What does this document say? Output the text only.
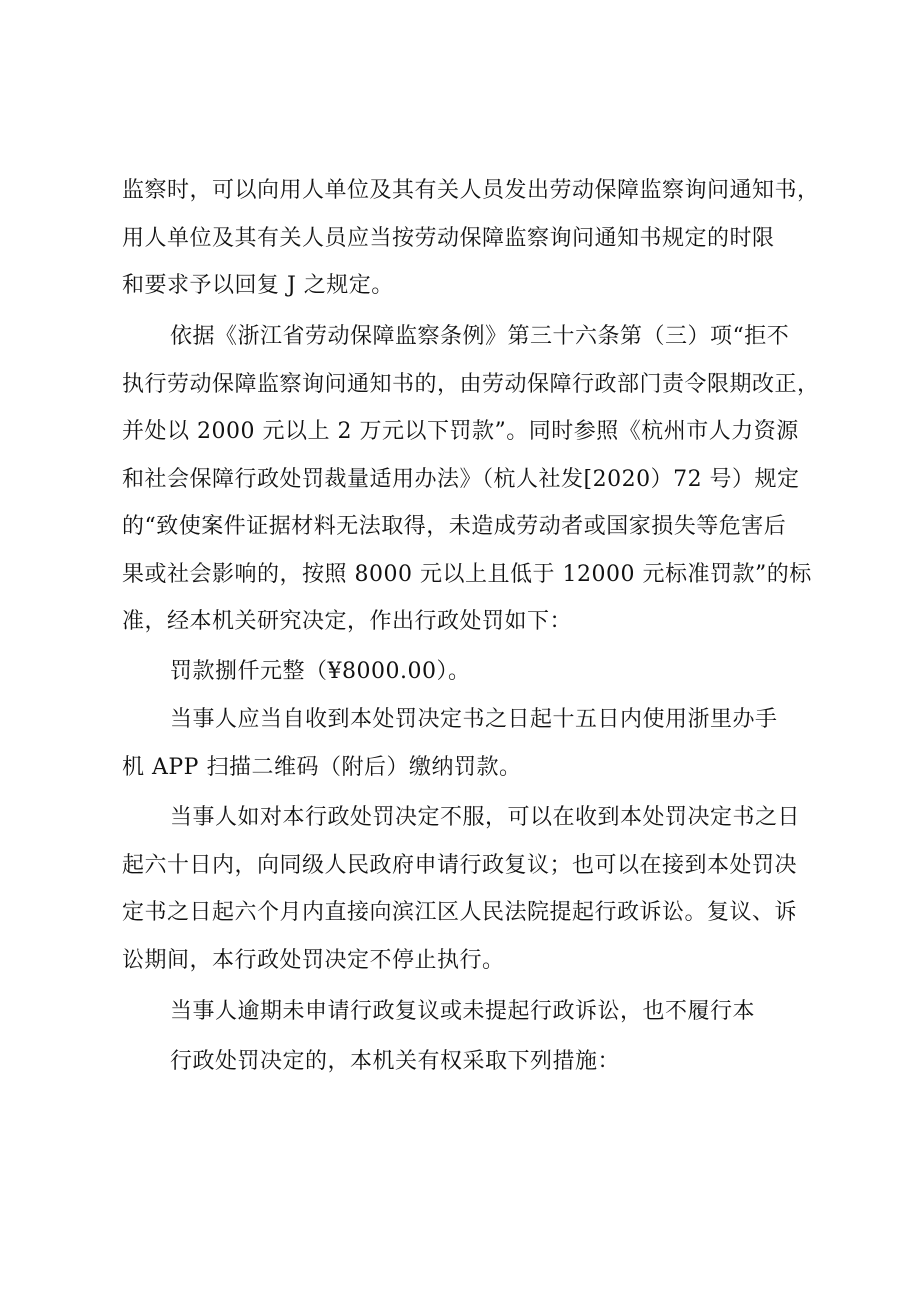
监察时，可以向用人单位及其有关人员发出劳动保障监察询问通知书，
用人单位及其有关人员应当按劳动保障监察询问通知书规定的时限
和要求予以回复 J 之规定。
依据《浙江省劳动保障监察条例》第三十六条第（三）项“拒不
执行劳动保障监察询问通知书的，由劳动保障行政部门责令限期改正，
并处以 2000 元以上 2 万元以下罚款”。同时参照《杭州市人力资源
和社会保障行政处罚裁量适用办法》（杭人社发[2020）72 号）规定
的“致使案件证据材料无法取得，未造成劳动者或国家损失等危害后
果或社会影响的，按照 8000 元以上且低于 12000 元标准罚款”的标
准，经本机关研究决定，作出行政处罚如下：
罚款捌仟元整（¥8000.00）。
当事人应当自收到本处罚决定书之日起十五日内使用浙里办手
机 APP 扫描二维码（附后）缴纳罚款。
当事人如对本行政处罚决定不服，可以在收到本处罚决定书之日
起六十日内，向同级人民政府申请行政复议；也可以在接到本处罚决
定书之日起六个月内直接向滨江区人民法院提起行政诉讼。复议、诉
讼期间，本行政处罚决定不停止执行。
当事人逾期未申请行政复议或未提起行政诉讼，也不履行本
行政处罚决定的，本机关有权采取下列措施：
